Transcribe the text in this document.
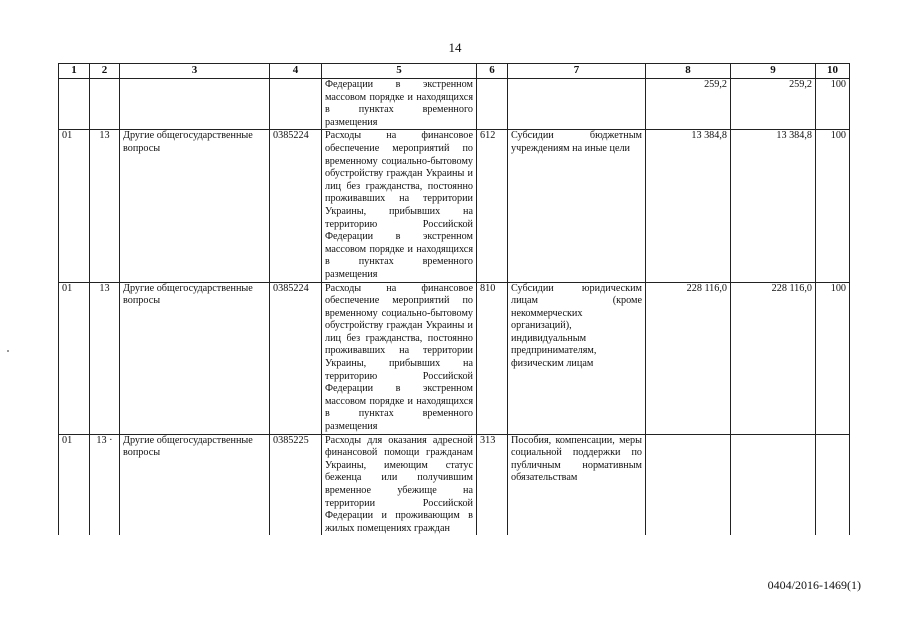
14
1	2	3	4	5	6	7	8	9	10
				Федерации в экстренном массовом порядке и находящихся в пунктах временного размещения			259,2	259,2	100
01	13	Другие общегосударственные вопросы	0385224	Расходы на финансовое обеспечение мероприятий по временному социально-бытовому обустройству граждан Украины и лиц без гражданства, постоянно проживавших на территории Украины, прибывших на территорию Российской Федерации в экстренном массовом порядке и находящихся в пунктах временного размещения	612	Субсидии бюджетным учреждениям на иные цели	13 384,8	13 384,8	100
01	13	Другие общегосударственные вопросы	0385224	Расходы на финансовое обеспечение мероприятий по временному социально-бытовому обустройству граждан Украины и лиц без гражданства, постоянно проживавших на территории Украины, прибывших на территорию Российской Федерации в экстренном массовом порядке и находящихся в пунктах временного размещения	810	Субсидии юридическим лицам (кроме некоммерческих организаций), индивидуальным предпринимателям, физическим лицам	228 116,0	228 116,0	100
01	13 ·	Другие общегосударственные вопросы	0385225	Расходы для оказания адресной финансовой помощи гражданам Украины, имеющим статус беженца или получившим временное убежище на территории Российской Федерации и проживающим в жилых помещениях граждан	313	Пособия, компенсации, меры социальной поддержки по публичным нормативным обязательствам			
0404/2016-1469(1)
